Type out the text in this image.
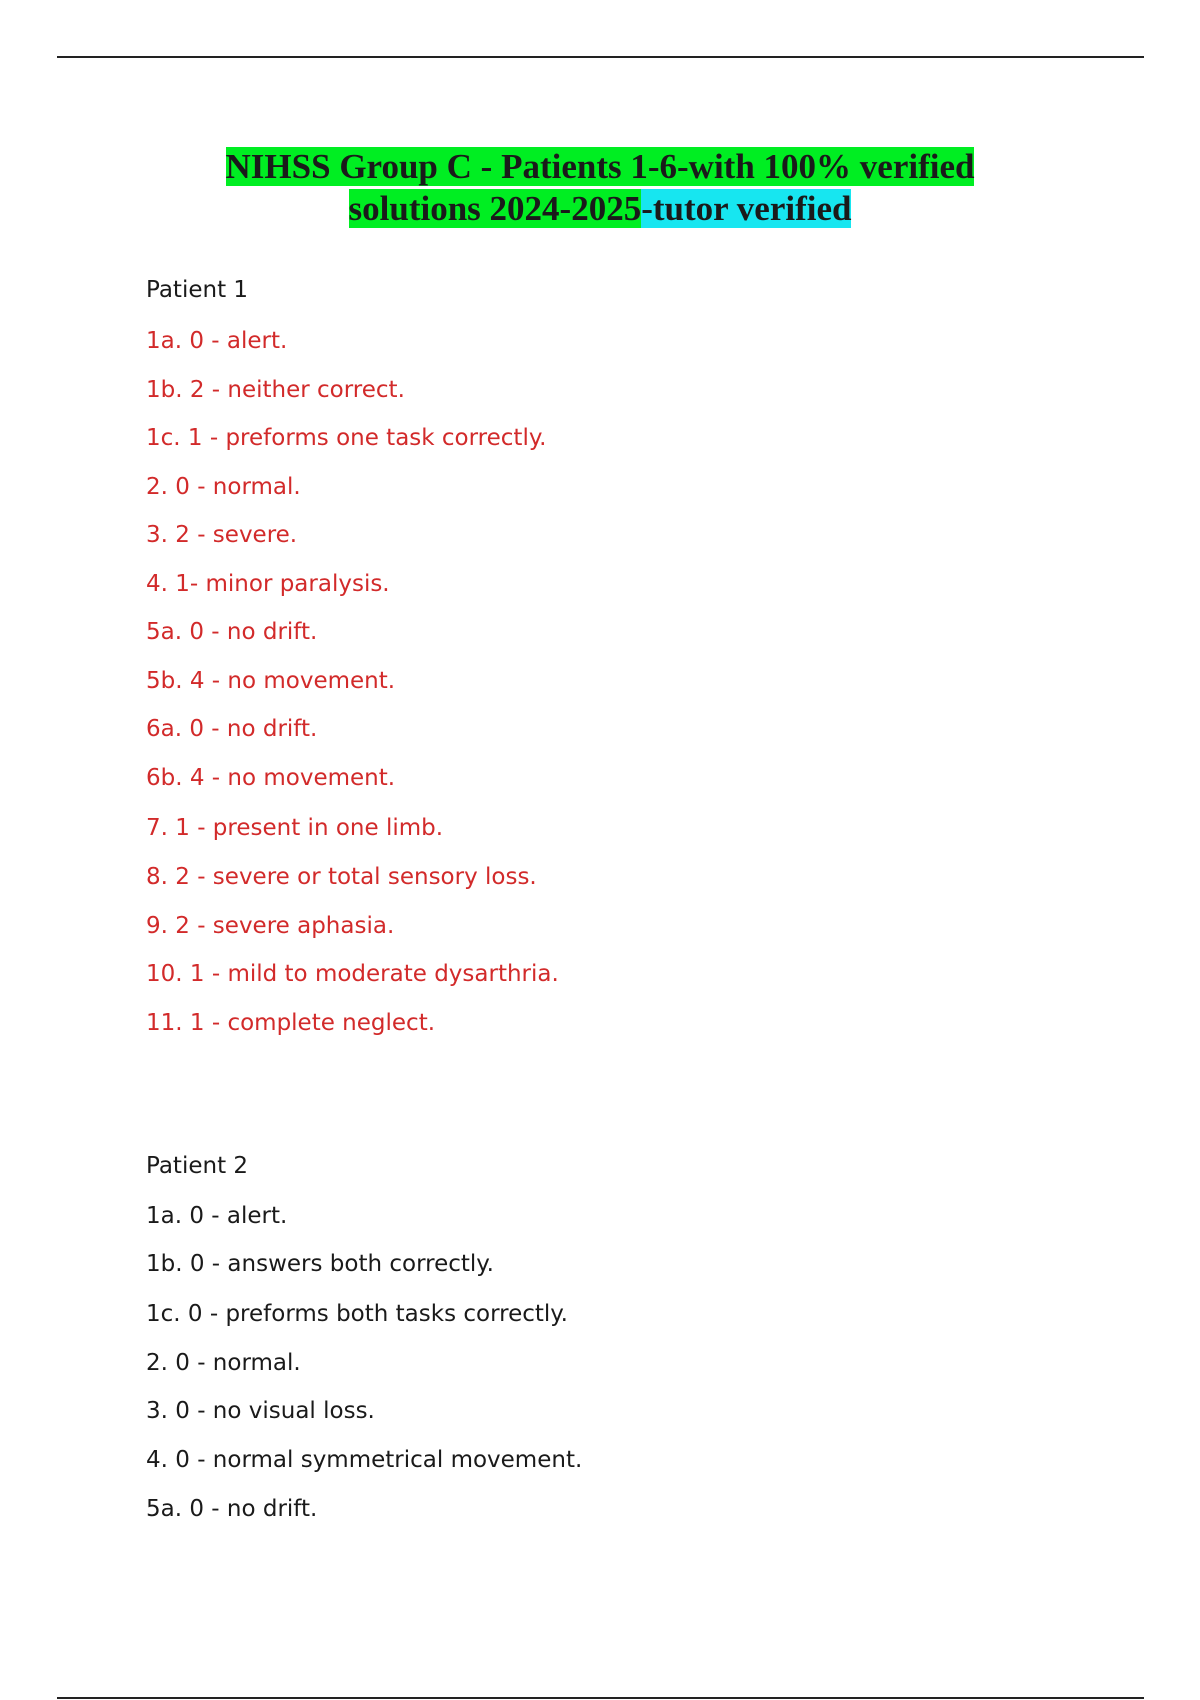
NIHSS Group C - Patients 1-6-with 100% verified
solutions 2024-2025-tutor verified
Patient 1
1a. 0 - alert.
1b. 2 - neither correct.
1c. 1 - preforms one task correctly.
2. 0 - normal.
3. 2 - severe.
4. 1- minor paralysis.
5a. 0 - no drift.
5b. 4 - no movement.
6a. 0 - no drift.
6b. 4 - no movement.
7. 1 - present in one limb.
8. 2 - severe or total sensory loss.
9. 2 - severe aphasia.
10. 1 - mild to moderate dysarthria.
11. 1 - complete neglect.
Patient 2
1a. 0 - alert.
1b. 0 - answers both correctly.
1c. 0 - preforms both tasks correctly.
2. 0 - normal.
3. 0 - no visual loss.
4. 0 - normal symmetrical movement.
5a. 0 - no drift.
